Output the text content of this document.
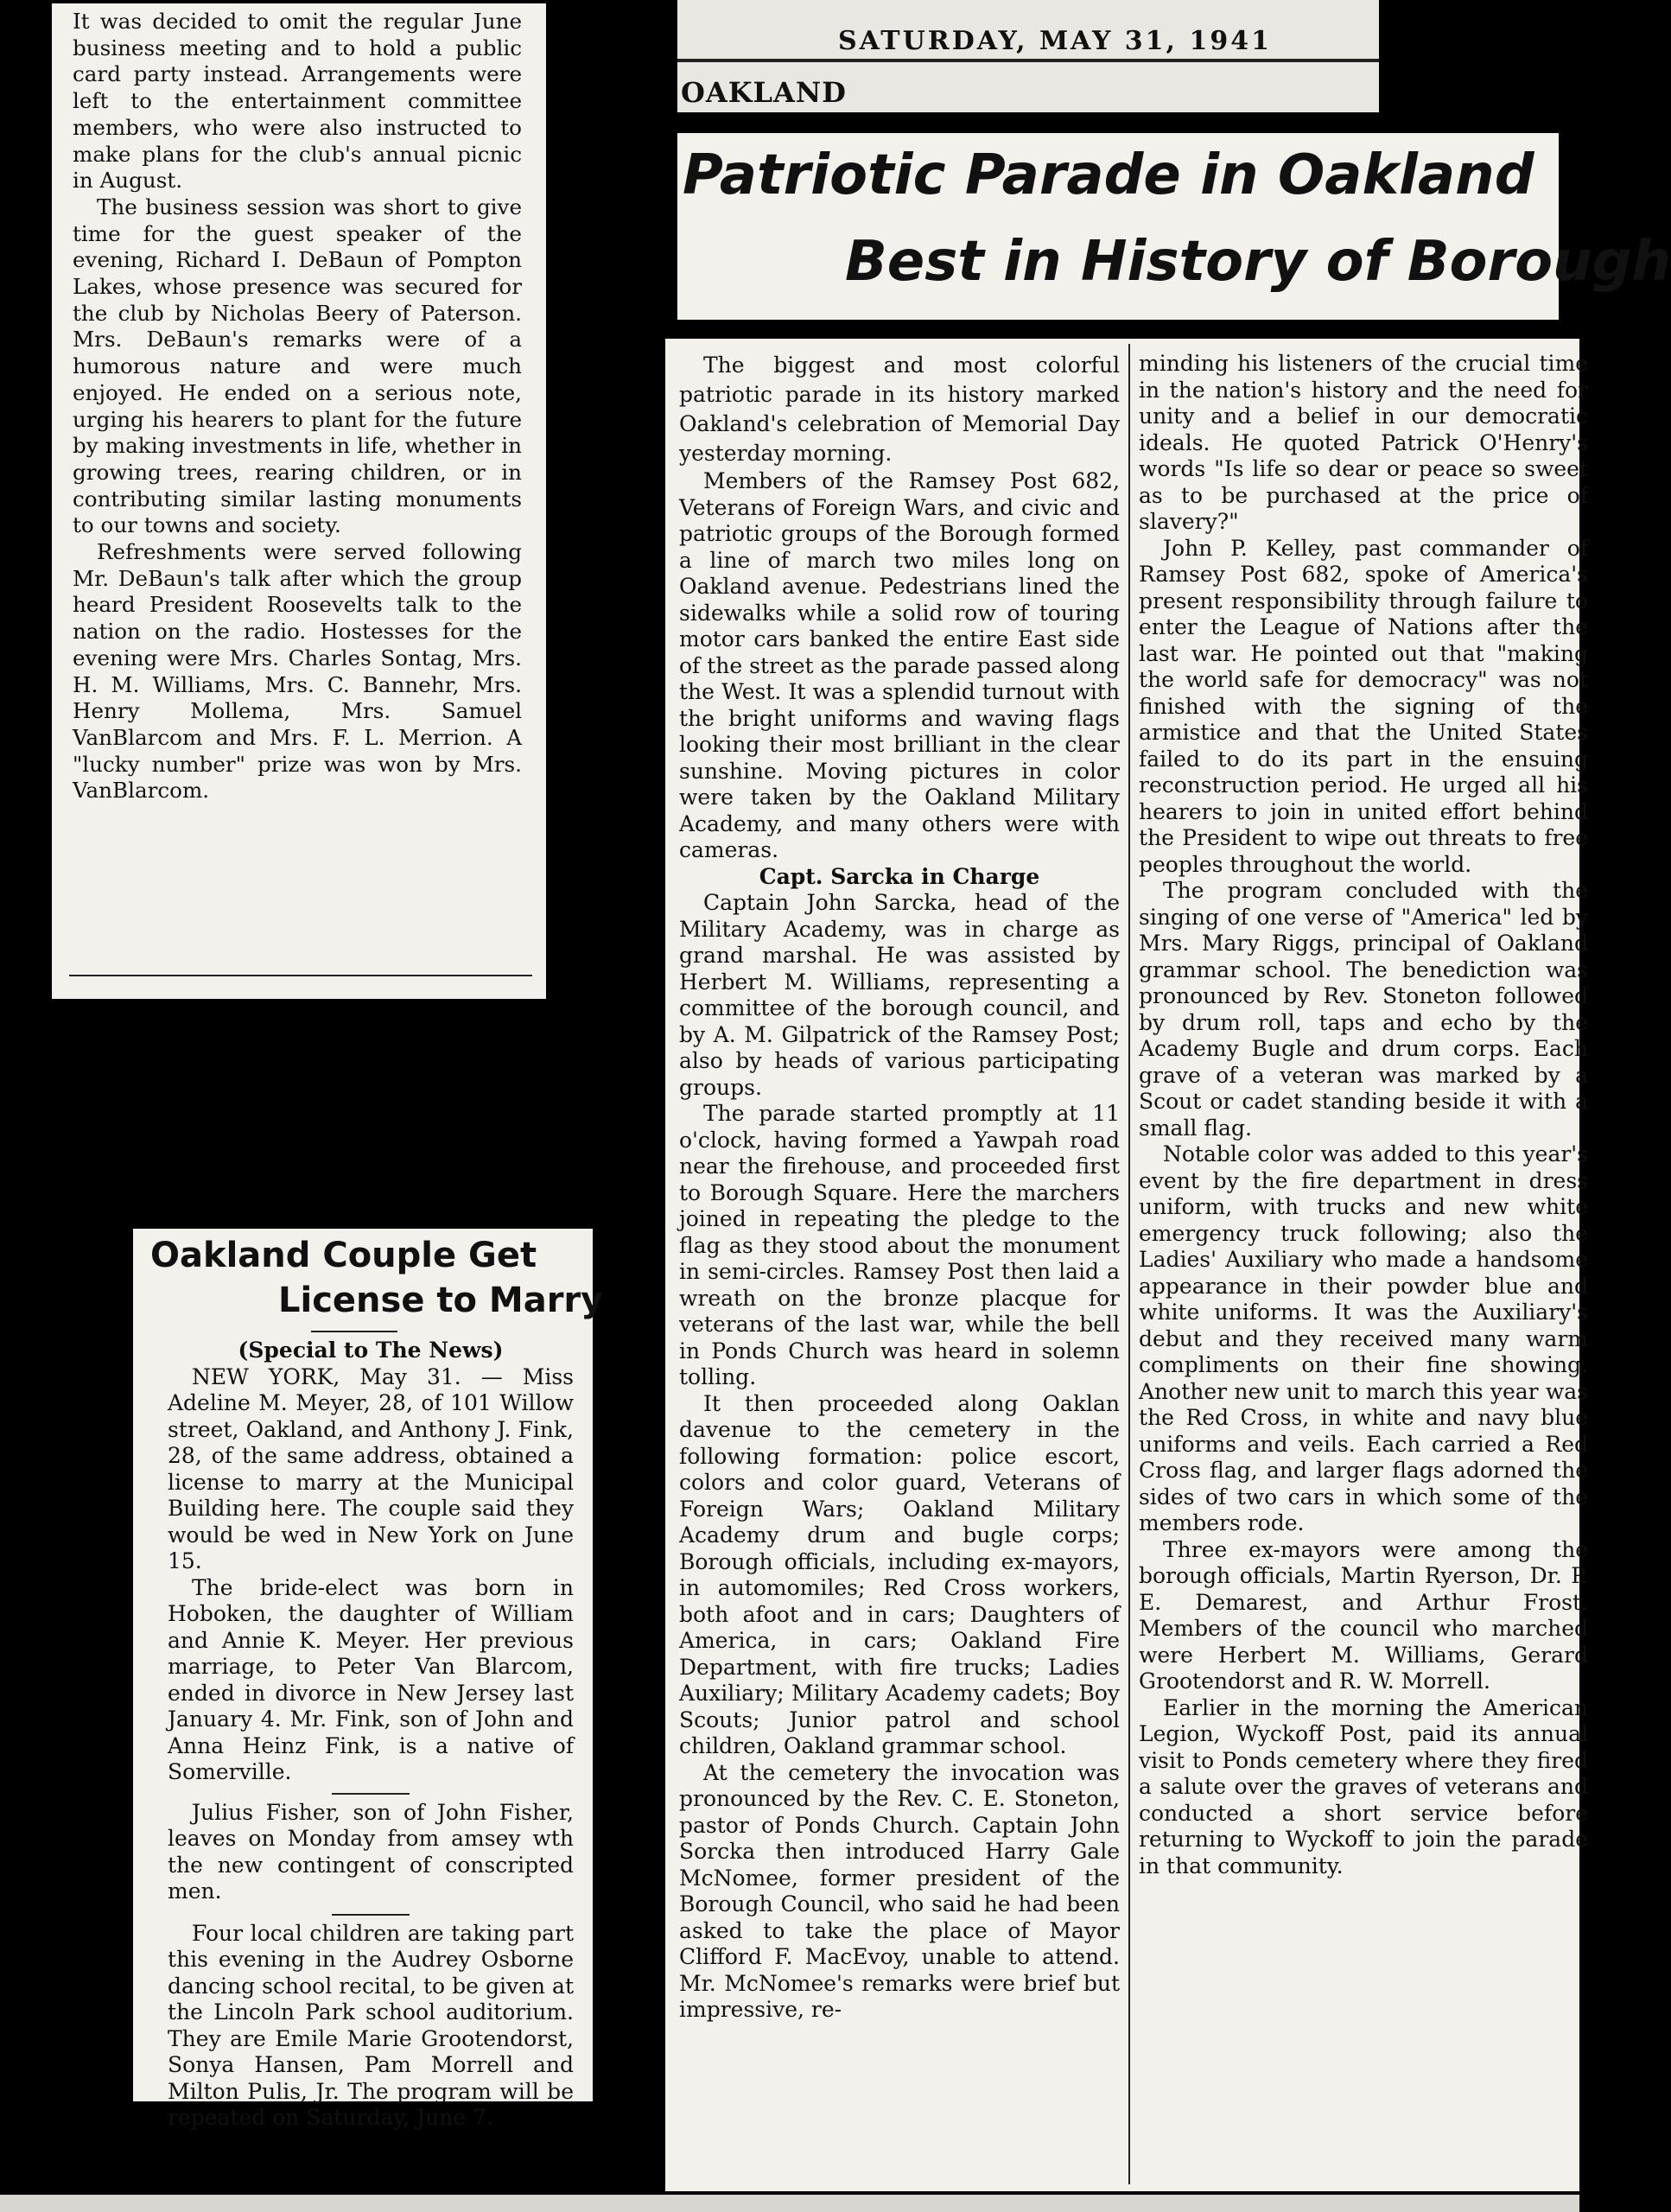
It was decided to omit the regular June business meeting and to hold a public card party instead. Arrangements were left to the entertainment committee members, who were also instructed to make plans for the club's annual picnic in August.

The business session was short to give time for the guest speaker of the evening, Richard I. DeBaun of Pompton Lakes, whose presence was secured for the club by Nicholas Beery of Paterson. Mrs. DeBaun's remarks were of a humorous nature and were much enjoyed. He ended on a serious note, urging his hearers to plant for the future by making investments in life, whether in growing trees, rearing children, or in contributing similar lasting monuments to our towns and society.

Refreshments were served following Mr. DeBaun's talk after which the group heard President Roosevelts talk to the nation on the radio. Hostesses for the evening were Mrs. Charles Sontag, Mrs. H. M. Williams, Mrs. C. Bannehr, Mrs. Henry Mollema, Mrs. Samuel VanBlarcom and Mrs. F. L. Merrion. A "lucky number" prize was won by Mrs. VanBlarcom.

SATURDAY, MAY 31, 1941
OAKLAND
Patriotic Parade in Oakland
Best in History of Borough

The biggest and most colorful patriotic parade in its history marked Oakland's celebration of Memorial Day yesterday morning.

Members of the Ramsey Post 682, Veterans of Foreign Wars, and civic and patriotic groups of the Borough formed a line of march two miles long on Oakland avenue. Pedestrians lined the sidewalks while a solid row of touring motor cars banked the entire East side of the street as the parade passed along the West. It was a splendid turnout with the bright uniforms and waving flags looking their most brilliant in the clear sunshine. Moving pictures in color were taken by the Oakland Military Academy, and many others were with cameras.

Capt. Sarcka in Charge

Captain John Sarcka, head of the Military Academy, was in charge as grand marshal. He was assisted by Herbert M. Williams, representing a committee of the borough council, and by A. M. Gilpatrick of the Ramsey Post; also by heads of various participating groups.

The parade started promptly at 11 o'clock, having formed a Yawpah road near the firehouse, and proceeded first to Borough Square. Here the marchers joined in repeating the pledge to the flag as they stood about the monument in semi-circles. Ramsey Post then laid a wreath on the bronze placque for veterans of the last war, while the bell in Ponds Church was heard in solemn tolling.

It then proceeded along Oaklan davenue to the cemetery in the following formation: police escort, colors and color guard, Veterans of Foreign Wars; Oakland Military Academy drum and bugle corps; Borough officials, including ex-mayors, in automomiles; Red Cross workers, both afoot and in cars; Daughters of America, in cars; Oakland Fire Department, with fire trucks; Ladies Auxiliary; Military Academy cadets; Boy Scouts; Junior patrol and school children, Oakland grammar school.

At the cemetery the invocation was pronounced by the Rev. C. E. Stoneton, pastor of Ponds Church. Captain John Sorcka then introduced Harry Gale McNomee, former president of the Borough Council, who said he had been asked to take the place of Mayor Clifford F. MacEvoy, unable to attend. Mr. McNomee's remarks were brief but impressive, re-

minding his listeners of the crucial time in the nation's history and the need for unity and a belief in our democratic ideals. He quoted Patrick O'Henry's words "Is life so dear or peace so sweet as to be purchased at the price of slavery?"

John P. Kelley, past commander of Ramsey Post 682, spoke of America's present responsibility through failure to enter the League of Nations after the last war. He pointed out that "making the world safe for democracy" was not finished with the signing of the armistice and that the United States failed to do its part in the ensuing reconstruction period. He urged all his hearers to join in united effort behind the President to wipe out threats to free peoples throughout the world.

The program concluded with the singing of one verse of "America" led by Mrs. Mary Riggs, principal of Oakland grammar school. The benediction was pronounced by Rev. Stoneton followed by drum roll, taps and echo by the Academy Bugle and drum corps. Each grave of a veteran was marked by a Scout or cadet standing beside it with a small flag.

Notable color was added to this year's event by the fire department in dress uniform, with trucks and new white emergency truck following; also the Ladies' Auxiliary who made a handsome appearance in their powder blue and white uniforms. It was the Auxiliary's debut and they received many warm compliments on their fine showing. Another new unit to march this year was the Red Cross, in white and navy blue uniforms and veils. Each carried a Red Cross flag, and larger flags adorned the sides of two cars in which some of the members rode.

Three ex-mayors were among the borough officials, Martin Ryerson, Dr. P. E. Demarest, and Arthur Frost. Members of the council who marched were Herbert M. Williams, Gerard Grootendorst and R. W. Morrell.

Earlier in the morning the American Legion, Wyckoff Post, paid its annual visit to Ponds cemetery where they fired a salute over the graves of veterans and conducted a short service before returning to Wyckoff to join the parade in that community.

Oakland Couple Get
License to Marry

(Special to The News)

NEW YORK, May 31. — Miss Adeline M. Meyer, 28, of 101 Willow street, Oakland, and Anthony J. Fink, 28, of the same address, obtained a license to marry at the Municipal Building here. The couple said they would be wed in New York on June 15.

The bride-elect was born in Hoboken, the daughter of William and Annie K. Meyer. Her previous marriage, to Peter Van Blarcom, ended in divorce in New Jersey last January 4. Mr. Fink, son of John and Anna Heinz Fink, is a native of Somerville.

Julius Fisher, son of John Fisher, leaves on Monday from amsey wth the new contingent of conscripted men.

Four local children are taking part this evening in the Audrey Osborne dancing school recital, to be given at the Lincoln Park school auditorium. They are Emile Marie Grootendorst, Sonya Hansen, Pam Morrell and Milton Pulis, Jr. The program will be repeated on Saturday, June 7.
